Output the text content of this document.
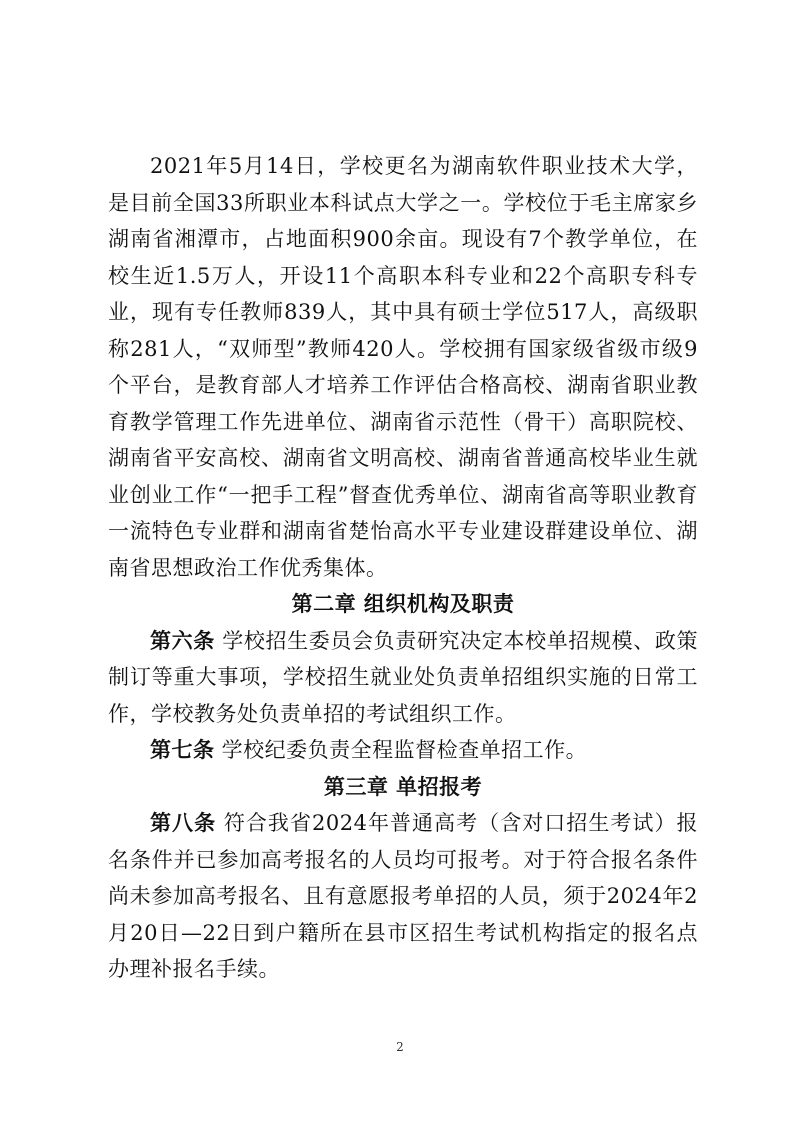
2021年5月14日，学校更名为湖南软件职业技术大学，是目前全国33所职业本科试点大学之一。学校位于毛主席家乡湖南省湘潭市，占地面积900余亩。现设有7个教学单位，在校生近1.5万人，开设11个高职本科专业和22个高职专科专业，现有专任教师839人，其中具有硕士学位517人，高级职称281人，“双师型”教师420人。学校拥有国家级省级市级9个平台，是教育部人才培养工作评估合格高校、湖南省职业教育教学管理工作先进单位、湖南省示范性（骨干）高职院校、湖南省平安高校、湖南省文明高校、湖南省普通高校毕业生就业创业工作“一把手工程”督查优秀单位、湖南省高等职业教育一流特色专业群和湖南省楚怡高水平专业建设群建设单位、湖南省思想政治工作优秀集体。

第二章 组织机构及职责

第六条 学校招生委员会负责研究决定本校单招规模、政策制订等重大事项，学校招生就业处负责单招组织实施的日常工作，学校教务处负责单招的考试组织工作。

第七条 学校纪委负责全程监督检查单招工作。

第三章 单招报考

第八条 符合我省2024年普通高考（含对口招生考试）报名条件并已参加高考报名的人员均可报考。对于符合报名条件尚未参加高考报名、且有意愿报考单招的人员，须于2024年2月20日—22日到户籍所在县市区招生考试机构指定的报名点办理补报名手续。

2
